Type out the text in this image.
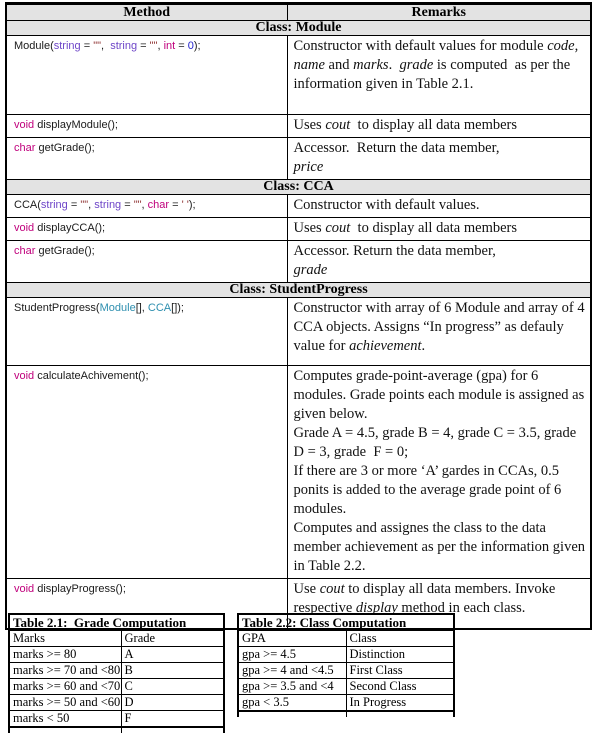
Method	Remarks
Class: Module	
Module(string = "",  string = "", int = 0);	Constructor with default values for module code, name and marks.  grade is computed  as per the information given in Table 2.1.
void displayModule();	Uses cout  to display all data members
char getGrade();	Accessor.  Return the data member,
price
Class: CCA	
CCA(string = "", string = "", char = ' ');	Constructor with default values.
void displayCCA();	Uses cout  to display all data members
char getGrade();	Accessor. Return the data member,
grade
Class: StudentProgress	
StudentProgress(Module[], CCA[]);	Constructor with array of 6 Module and array of 4 CCA objects. Assigns “In progress” as defauly value for achievement.
void calculateAchivement();	Computes grade-point-average (gpa) for 6 modules. Grade points each module is assigned as given below.
Grade A = 4.5, grade B = 4, grade C = 3.5, grade D = 3, grade  F = 0;
If there are 3 or more ‘A’ gardes in CCAs, 0.5 ponits is added to the average grade point of 6 modules.
Computes and assignes the class to the data member achievement as per the information given in Table 2.2.

void displayProgress();	Use cout to display all data members. Invoke respective display method in each class.
Table 2.1:  Grade Computation	
Marks	Grade
marks >= 80	A
marks >= 70 and <80	B
marks >= 60 and <70	C
marks >= 50 and <60	D
marks < 50	F
Table 2.2: Class Computation	
GPA	Class
gpa >= 4.5	Distinction
gpa >= 4 and <4.5	First Class
gpa >= 3.5 and <4	Second Class
gpa < 3.5	In Progress
